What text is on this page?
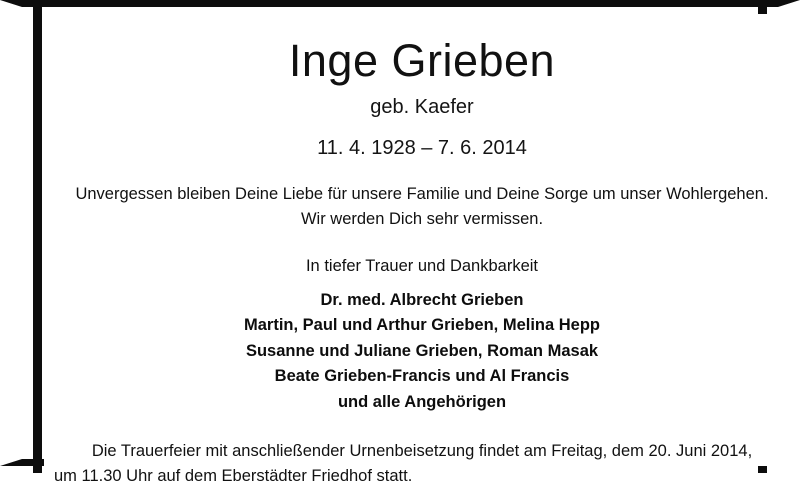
Inge Grieben
geb. Kaefer
11. 4. 1928 – 7. 6. 2014
Unvergessen bleiben Deine Liebe für unsere Familie und Deine Sorge um unser Wohlergehen.
Wir werden Dich sehr vermissen.
In tiefer Trauer und Dankbarkeit
Dr. med. Albrecht Grieben
Martin, Paul und Arthur Grieben, Melina Hepp
Susanne und Juliane Grieben, Roman Masak
Beate Grieben-Francis und Al Francis
und alle Angehörigen
Die Trauerfeier mit anschließender Urnenbeisetzung findet am Freitag, dem 20. Juni 2014,
um 11.30 Uhr auf dem Eberstädter Friedhof statt.
